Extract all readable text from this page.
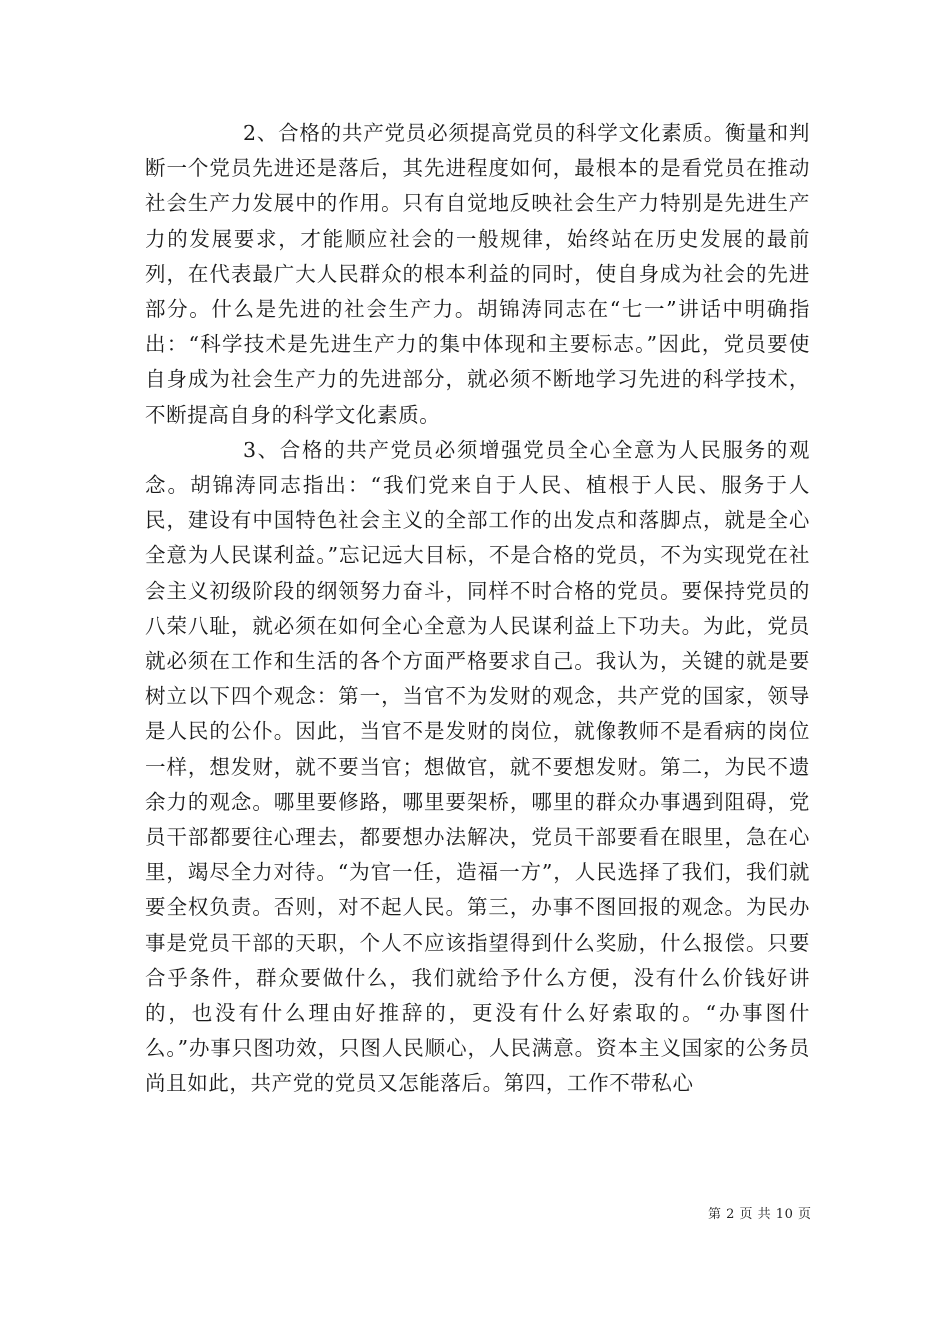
2、合格的共产党员必须提高党员的科学文化素质。衡量和判断一个党员先进还是落后，其先进程度如何，最根本的是看党员在推动社会生产力发展中的作用。只有自觉地反映社会生产力特别是先进生产力的发展要求，才能顺应社会的一般规律，始终站在历史发展的最前列，在代表最广大人民群众的根本利益的同时，使自身成为社会的先进部分。什么是先进的社会生产力。胡锦涛同志在“七一”讲话中明确指出：“科学技术是先进生产力的集中体现和主要标志。”因此，党员要使自身成为社会生产力的先进部分，就必须不断地学习先进的科学技术，不断提高自身的科学文化素质。

3、合格的共产党员必须增强党员全心全意为人民服务的观念。胡锦涛同志指出：“我们党来自于人民、植根于人民、服务于人民，建设有中国特色社会主义的全部工作的出发点和落脚点，就是全心全意为人民谋利益。”忘记远大目标，不是合格的党员，不为实现党在社会主义初级阶段的纲领努力奋斗，同样不时合格的党员。要保持党员的八荣八耻，就必须在如何全心全意为人民谋利益上下功夫。为此，党员就必须在工作和生活的各个方面严格要求自己。我认为，关键的就是要树立以下四个观念：第一，当官不为发财的观念，共产党的国家，领导是人民的公仆。因此，当官不是发财的岗位，就像教师不是看病的岗位一样，想发财，就不要当官；想做官，就不要想发财。第二，为民不遗余力的观念。哪里要修路，哪里要架桥，哪里的群众办事遇到阻碍，党员干部都要往心理去，都要想办法解决，党员干部要看在眼里，急在心里，竭尽全力对待。“为官一任，造福一方”，人民选择了我们，我们就要全权负责。否则，对不起人民。第三，办事不图回报的观念。为民办事是党员干部的天职，个人不应该指望得到什么奖励，什么报偿。只要合乎条件，群众要做什么，我们就给予什么方便，没有什么价钱好讲的，也没有什么理由好推辞的，更没有什么好索取的。“办事图什么。”办事只图功效，只图人民顺心，人民满意。资本主义国家的公务员尚且如此，共产党的党员又怎能落后。第四，工作不带私心

第 2 页 共 10 页
